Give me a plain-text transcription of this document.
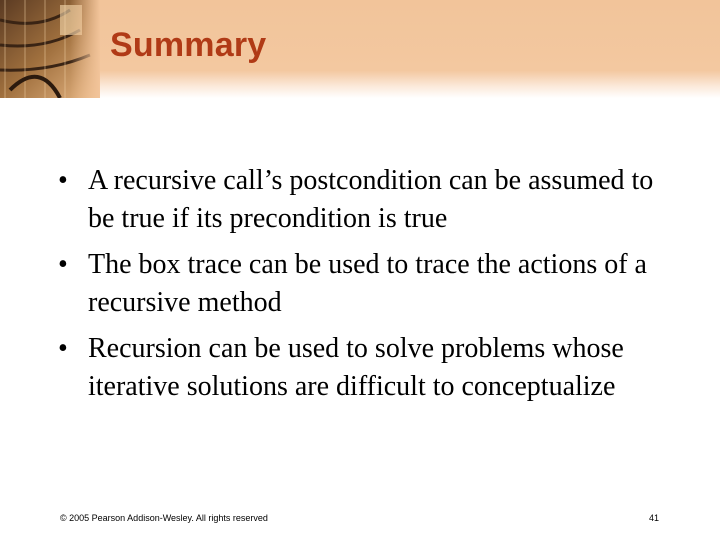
Summary
• A recursive call’s postcondition can be assumed to be true if its precondition is true
• The box trace can be used to trace the actions of a recursive method
• Recursion can be used to solve problems whose iterative solutions are difficult to conceptualize
© 2005 Pearson Addison-Wesley. All rights reserved	41
